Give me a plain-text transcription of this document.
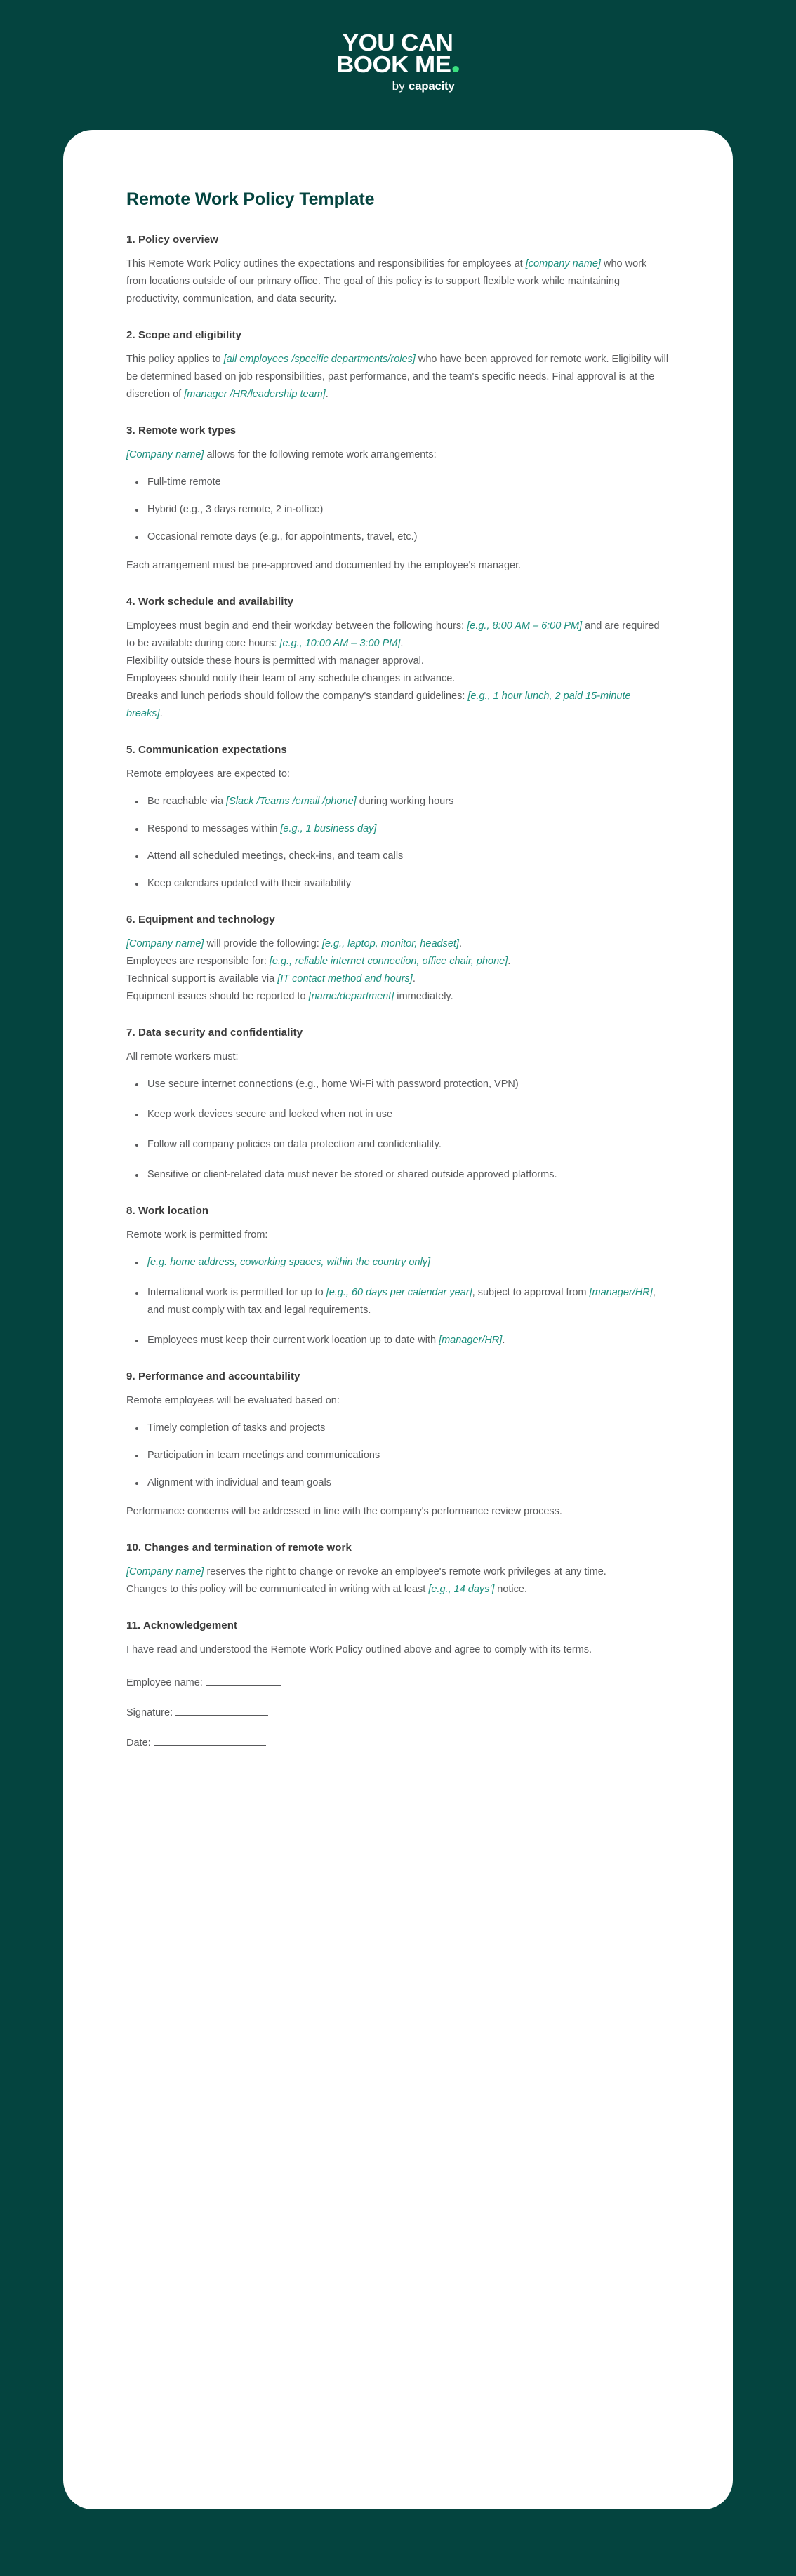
YOU CAN
BOOK ME
by capacity
Remote Work Policy Template
1. Policy overview

This Remote Work Policy outlines the expectations and responsibilities for employees at [company name] who work from locations outside of our primary office. The goal of this policy is to support flexible work while maintaining productivity, communication, and data security.

2. Scope and eligibility

This policy applies to [all employees /specific departments/roles] who have been approved for remote work. Eligibility will be determined based on job responsibilities, past performance, and the team's specific needs. Final approval is at the discretion of [manager /HR/leadership team].

3. Remote work types

[Company name] allows for the following remote work arrangements:

Full-time remote
Hybrid (e.g., 3 days remote, 2 in-office)
Occasional remote days (e.g., for appointments, travel, etc.)

Each arrangement must be pre-approved and documented by the employee's manager.

4. Work schedule and availability

Employees must begin and end their workday between the following hours: [e.g., 8:00 AM – 6:00 PM] and are required to be available during core hours: [e.g., 10:00 AM – 3:00 PM].

Flexibility outside these hours is permitted with manager approval.

Employees should notify their team of any schedule changes in advance.

Breaks and lunch periods should follow the company's standard guidelines: [e.g., 1 hour lunch, 2 paid 15-minute breaks].

5. Communication expectations

Remote employees are expected to:

Be reachable via [Slack /Teams /email /phone] during working hours
Respond to messages within [e.g., 1 business day]
Attend all scheduled meetings, check-ins, and team calls
Keep calendars updated with their availability
6. Equipment and technology

[Company name] will provide the following: [e.g., laptop, monitor, headset].

Employees are responsible for: [e.g., reliable internet connection, office chair, phone].

Technical support is available via [IT contact method and hours].

Equipment issues should be reported to [name/department] immediately.

7. Data security and confidentiality

All remote workers must:

Use secure internet connections (e.g., home Wi-Fi with password protection, VPN)
Keep work devices secure and locked when not in use
Follow all company policies on data protection and confidentiality.
Sensitive or client-related data must never be stored or shared outside approved platforms.
8. Work location

Remote work is permitted from:

[e.g. home address, coworking spaces, within the country only]
International work is permitted for up to [e.g., 60 days per calendar year], subject to approval from [manager/HR], and must comply with tax and legal requirements.
Employees must keep their current work location up to date with [manager/HR].
9. Performance and accountability

Remote employees will be evaluated based on:

Timely completion of tasks and projects
Participation in team meetings and communications
Alignment with individual and team goals

Performance concerns will be addressed in line with the company's performance review process.

10. Changes and termination of remote work

[Company name] reserves the right to change or revoke an employee's remote work privileges at any time.

Changes to this policy will be communicated in writing with at least [e.g., 14 days'] notice.

11. Acknowledgement

I have read and understood the Remote Work Policy outlined above and agree to comply with its terms.

Employee name:
Signature:
Date:
